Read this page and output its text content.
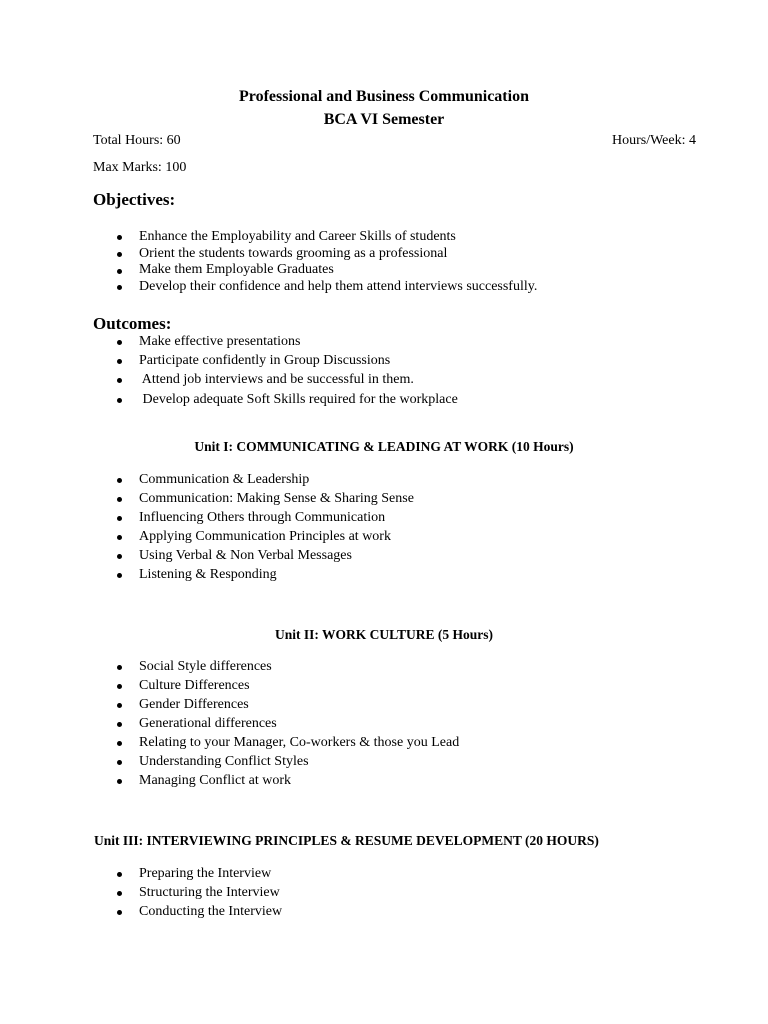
Professional and Business Communication
BCA VI Semester
Total Hours: 60	Hours/Week: 4
Max Marks: 100
Objectives:
Enhance the Employability and Career Skills of students
Orient the students towards grooming as a professional
Make them Employable Graduates
Develop their confidence and help them attend interviews successfully.
Outcomes:
Make effective presentations
Participate confidently in Group Discussions
Attend job interviews and be successful in them.
Develop adequate Soft Skills required for the workplace
Unit I: COMMUNICATING & LEADING AT WORK (10 Hours)
Communication & Leadership
Communication: Making Sense & Sharing Sense
Influencing Others through Communication
Applying Communication Principles at work
Using Verbal & Non Verbal Messages
Listening & Responding
Unit II: WORK CULTURE (5 Hours)
Social Style differences
Culture Differences
Gender Differences
Generational differences
Relating to your Manager, Co-workers & those you Lead
Understanding Conflict Styles
Managing Conflict at work
Unit III: INTERVIEWING PRINCIPLES & RESUME DEVELOPMENT (20 HOURS)
Preparing the Interview
Structuring the Interview
Conducting the Interview
